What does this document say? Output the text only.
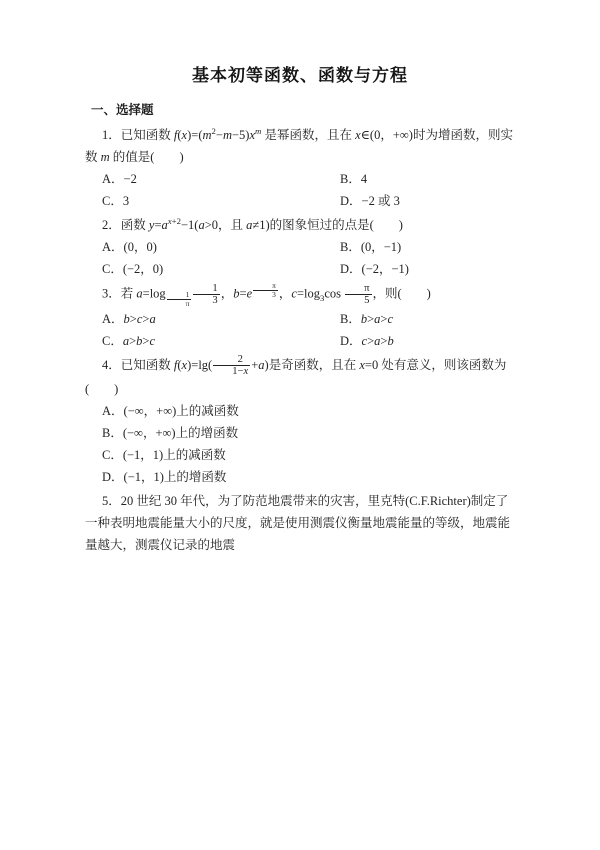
基本初等函数、函数与方程
一、选择题

1．已知函数 $f(x)=(m^2-m-5)x^m$ 是幂函数，且在 x∈(0，+∞)时为增函数，则实数 m 的值是(　　)

A．−2	B．4
C．3	D．−2 或 3

2．函数 $y=a^{x+2}-1(a>0$，且 a≠1)的图象恒过的点是(　　)

A．(0，0)	B．(0，−1)
C．(−2，0)	D．(−2，−1)

3．若 a=log $_{\frac{1}{\pi}} \frac{1}{3}$ ，b=e $^{\frac{\pi}{3}}$ ，$c=\log_3\cos \frac{\pi}{5}$ ，则(　　)

A．b>c>a	B．b>a>c
C．a>b>c	D．c>a>b

4．已知函数 $f(x)=\lg( \frac{2}{1-x} +a)$是奇函数，且在 x=0 处有意义，则该函数为(　　)

A．(−∞，+∞)上的减函数

B．(−∞，+∞)上的增函数

C．(−1，1)上的减函数

D．(−1，1)上的增函数

5．20 世纪 30 年代，为了防范地震带来的灾害，里克特(C.F.Richter)制定了一种表明地震能量大小的尺度，就是使用测震仪衡量地震能量的等级，地震能量越大，测震仪记录的地震
